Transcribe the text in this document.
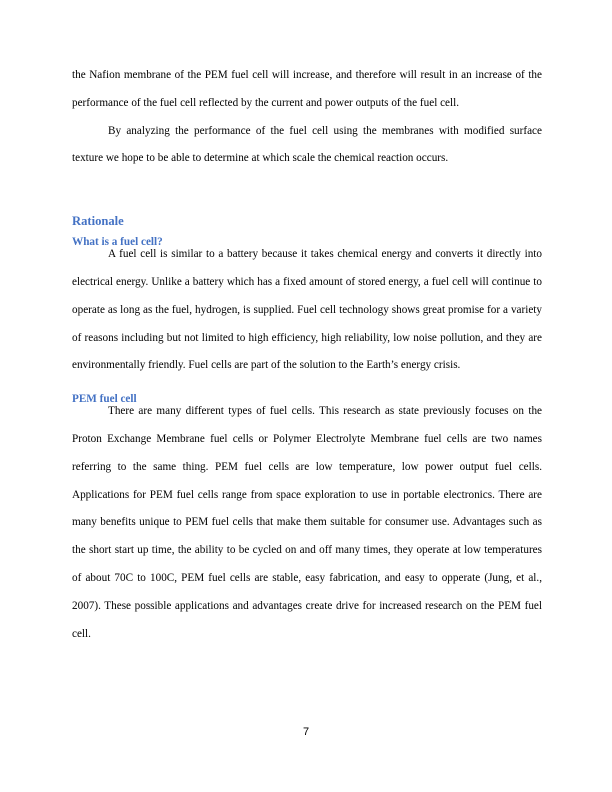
the Nafion membrane of the PEM fuel cell will increase, and therefore will result in an increase of the performance of the fuel cell reflected by the current and power outputs of the fuel cell.

By analyzing the performance of the fuel cell using the membranes with modified surface texture we hope to be able to determine at which scale the chemical reaction occurs.

Rationale
What is a fuel cell?

A fuel cell is similar to a battery because it takes chemical energy and converts it directly into electrical energy. Unlike a battery which has a fixed amount of stored energy, a fuel cell will continue to operate as long as the fuel, hydrogen, is supplied. Fuel cell technology shows great promise for a variety of reasons including but not limited to high efficiency, high reliability, low noise pollution, and they are environmentally friendly. Fuel cells are part of the solution to the Earth’s energy crisis.

PEM fuel cell

There are many different types of fuel cells. This research as state previously focuses on the Proton Exchange Membrane fuel cells or Polymer Electrolyte Membrane fuel cells are two names referring to the same thing. PEM fuel cells are low temperature, low power output fuel cells. Applications for PEM fuel cells range from space exploration to use in portable electronics. There are many benefits unique to PEM fuel cells that make them suitable for consumer use. Advantages such as the short start up time, the ability to be cycled on and off many times, they operate at low temperatures of about 70C to 100C, PEM fuel cells are stable, easy fabrication, and easy to opperate (Jung, et al., 2007). These possible applications and advantages create drive for increased research on the PEM fuel cell.

7
